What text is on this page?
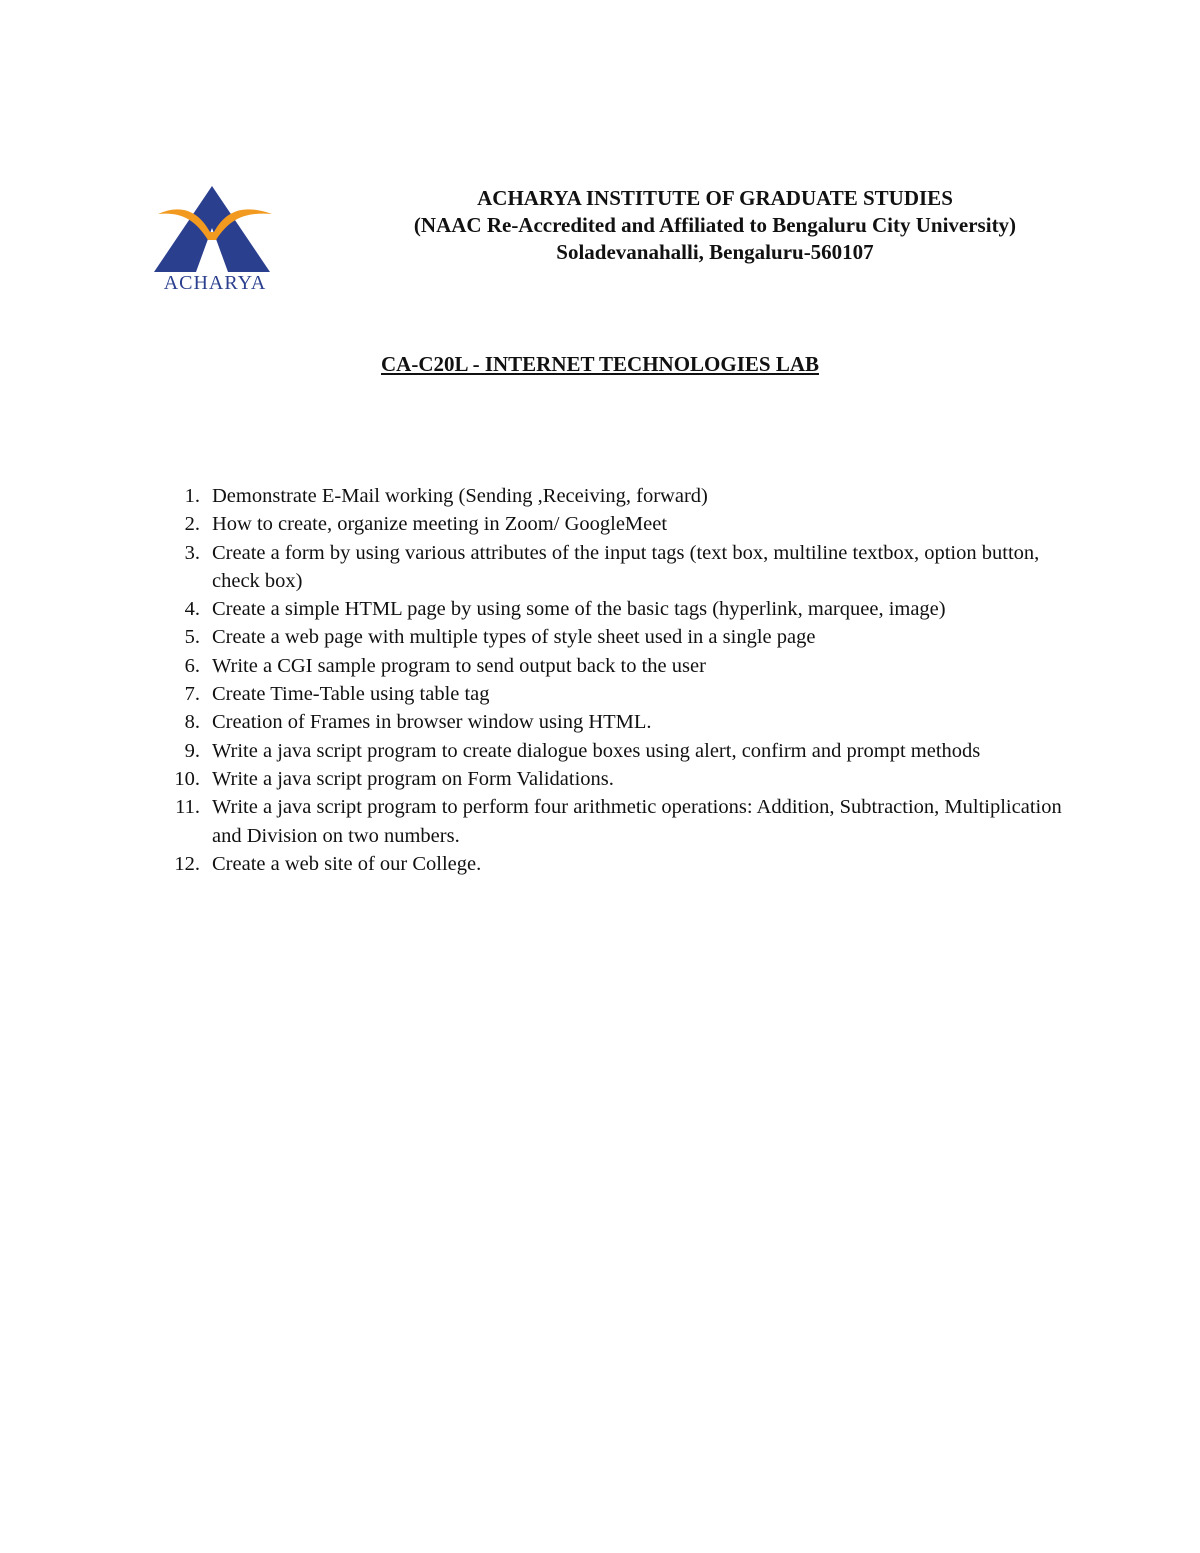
ACHARYA
ACHARYA INSTITUTE OF GRADUATE STUDIES
(NAAC Re-Accredited and Affiliated to Bengaluru City University)
Soladevanahalli, Bengaluru-560107
CA-C20L - INTERNET TECHNOLOGIES LAB
1. Demonstrate E-Mail working (Sending ,Receiving, forward)
2. How to create, organize meeting in Zoom/ GoogleMeet
3. Create a form by using various attributes of the input tags (text box, multiline textbox, option button, check box)
4. Create a simple HTML page by using some of the basic tags (hyperlink, marquee, image)
5. Create a web page with multiple types of style sheet used in a single page
6. Write a CGI sample program to send output back to the user
7. Create Time-Table using table tag
8. Creation of Frames in browser window using HTML.
9. Write a java script program to create dialogue boxes using alert, confirm and prompt methods
10. Write a java script program on Form Validations.
11. Write a java script program to perform four arithmetic operations: Addition, Subtraction, Multiplication and Division on two numbers.
12. Create a web site of our College.
